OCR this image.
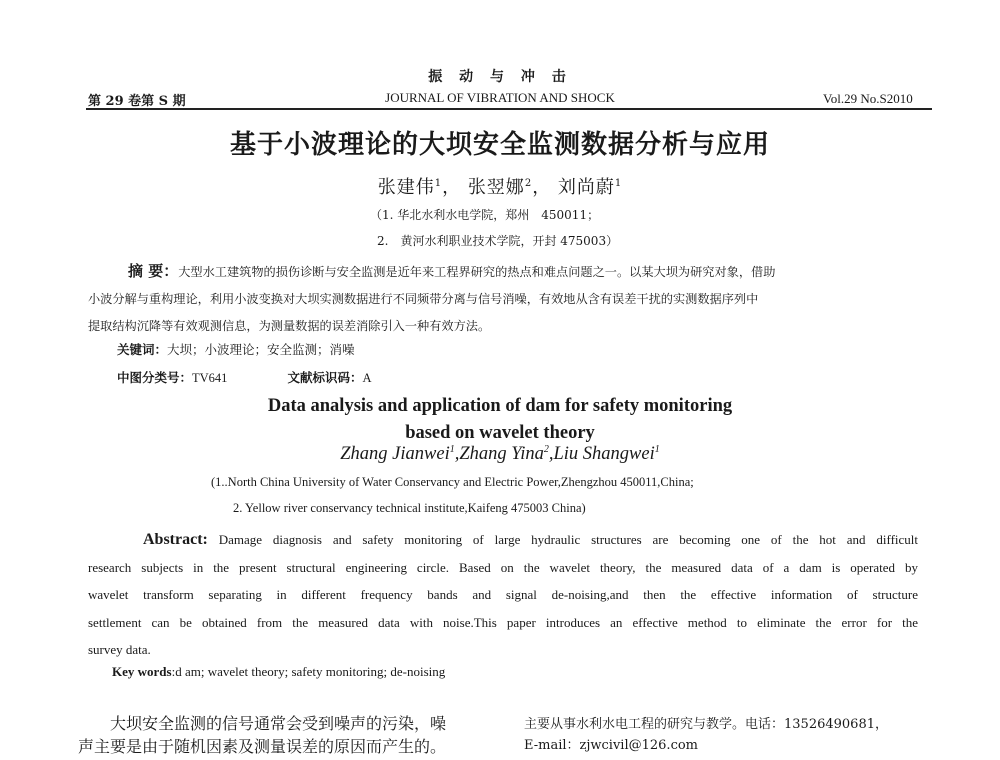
振 动 与 冲 击
第 29 卷第 S 期	JOURNAL OF VIBRATION AND SHOCK	Vol.29 No.S2010
基于小波理论的大坝安全监测数据分析与应用
张建伟$^1$， 张翌娜$^2$， 刘尚蔚$^1$
（1. 华北水利水电学院，郑州　450011；
2.　黄河水利职业技术学院，开封 475003）
摘 要：大型水工建筑物的损伤诊断与安全监测是近年来工程界研究的热点和难点问题之一。以某大坝为研究对象，借助
小波分解与重构理论，利用小波变换对大坝实测数据进行不同频带分离与信号消噪，有效地从含有误差干扰的实测数据序列中
提取结构沉降等有效观测信息，为测量数据的误差消除引入一种有效方法。
关键词：大坝；小波理论；安全监测；消噪
中图分类号：TV641	文献标识码：A
Data analysis and application of dam for safety monitoring
based on wavelet theory
Zhang Jianwei$^1$,Zhang Yina$^2$,Liu Shangwei$^1$
(1..North China University of Water Conservancy and Electric Power,Zhengzhou 450011,China;
2. Yellow river conservancy technical institute,Kaifeng 475003 China)
Abstract: Damage diagnosis and safety monitoring of large hydraulic structures are becoming one of the hot and difficult
research subjects in the present structural engineering circle. Based on the wavelet theory, the measured data of a dam is operated by
wavelet transform separating in different frequency bands and signal de-noising,and then the effective information of structure
settlement can be obtained from the measured data with noise.This paper introduces an effective method to eliminate the error for the
survey data.
Key words:d am; wavelet theory; safety monitoring; de-noising
大坝安全监测的信号通常会受到噪声的污染，噪
声主要是由于随机因素及测量误差的原因而产生的。
主要从事水利水电工程的研究与教学。电话：13526490681，
E-mail：zjwcivil@126.com
